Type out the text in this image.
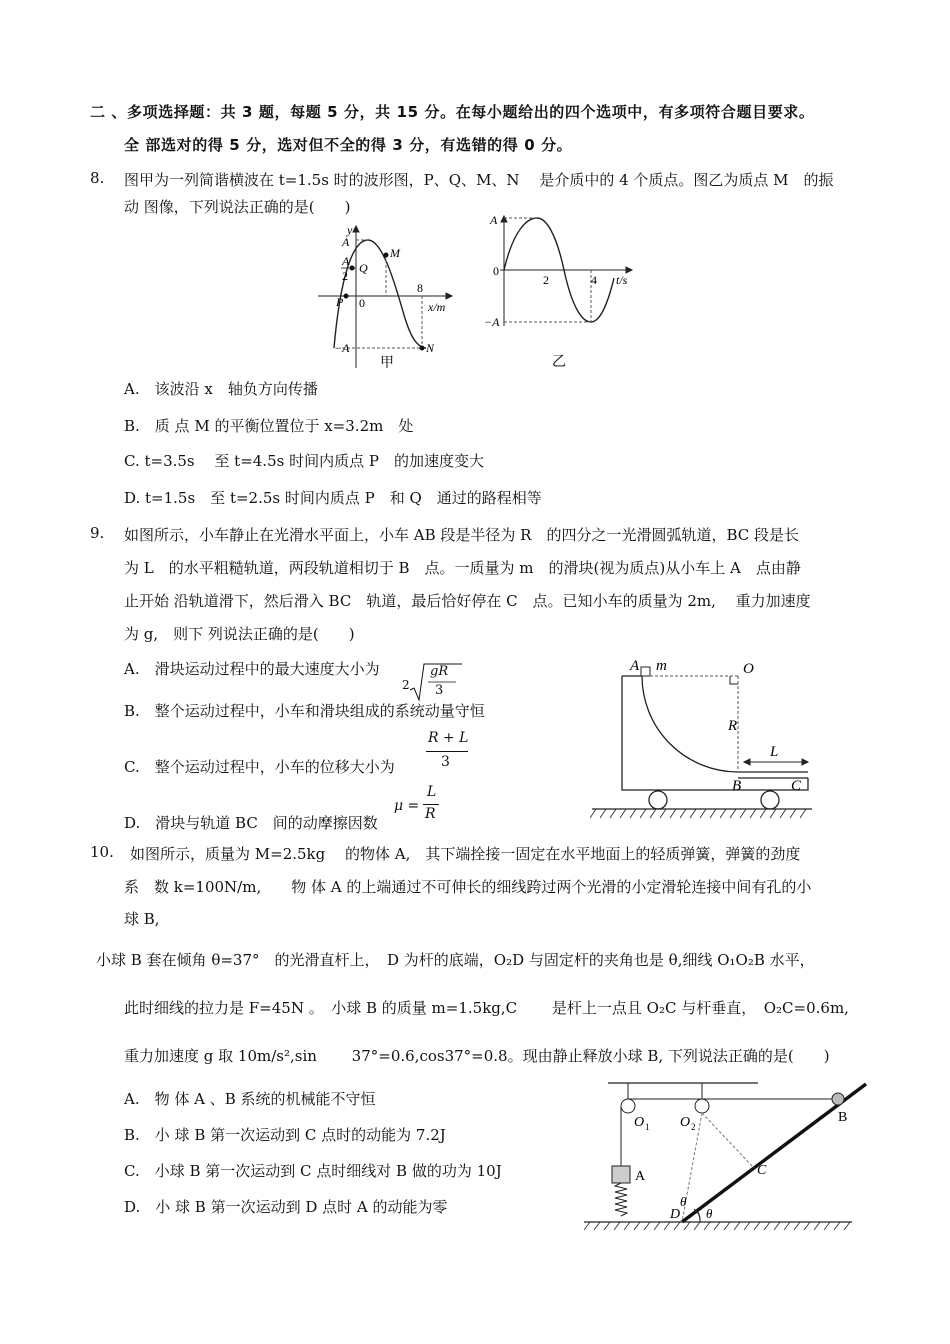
二 、多项选择题：共 3 题，每题 5 分，共 15 分。在每小题给出的四个选项中，有多项符合题目要求。
全 部选对的得 5 分，选对但不全的得 3 分，有选错的得 0 分。
8. 图甲为一列简谐横波在 t=1.5s 时的波形图，P、Q、M、N　 是介质中的 4 个质点。图乙为质点 M　的振
动 图像，下列说法正确的是(　　)
y
A
A
2
Q
M
P 0
8
x/m
−A	N
甲
A
0
−A
2	4 t/s
乙
A.　该波沿 x　轴负方向传播
B.　质 点 M 的平衡位置位于 x=3.2m　处
C. t=3.5s　 至 t=4.5s 时间内质点 P　的加速度变大
D. t=1.5s　至 t=2.5s 时间内质点 P　和 Q　通过的路程相等
9. 如图所示，小车静止在光滑水平面上，小车 AB 段是半径为 R　的四分之一光滑圆弧轨道，BC 段是长
为 L　的水平粗糙轨道，两段轨道相切于 B　点。一质量为 m　的滑块(视为质点)从小车上 A　点由静
止开始 沿轨道滑下，然后滑入 BC　轨道，最后恰好停在 C　点。已知小车的质量为 2m,　 重力加速度
为 g,　则下 列说法正确的是(　　)
A.　滑块运动过程中的最大速度大小为
2
gR
3
B.　整个运动过程中，小车和滑块组成的系统动量守恒
C.　整个运动过程中，小车的位移大小为
R + L
3
D.　滑块与轨道 BC　间的动摩擦因数
μ =
L
R
A m	O
R
L
B	C
10. 如图所示，质量为 M=2.5kg　 的物体 A,　其下端拴接一固定在水平地面上的轻质弹簧，弹簧的劲度
系　数 k=100N/m,　　物 体 A 的上端通过不可伸长的细线跨过两个光滑的小定滑轮连接中间有孔的小
球 B,
小球 B 套在倾角 θ=37°　的光滑直杆上，　D 为杆的底端，O₂D 与固定杆的夹角也是 θ,细线 O₁O₂B 水平，
此时细线的拉力是 F=45N 。　小球 B 的质量 m=1.5kg,C　　 是杆上一点且 O₂C 与杆垂直，　O₂C=0.6m,
重力加速度 g 取 10m/s²,sin　　 37°=0.6,cos37°=0.8。现由静止释放小球 B, 下列说法正确的是(　　)
A.　物 体 A 、B 系统的机械能不守恒
B.　小 球 B 第一次运动到 C 点时的动能为 7.2J
C.　小球 B 第一次运动到 C 点时细线对 B 做的功为 10J
D.　小 球 B 第一次运动到 D 点时 A 的动能为零
O 1 O 2
A
B
C
D
θ
θ
